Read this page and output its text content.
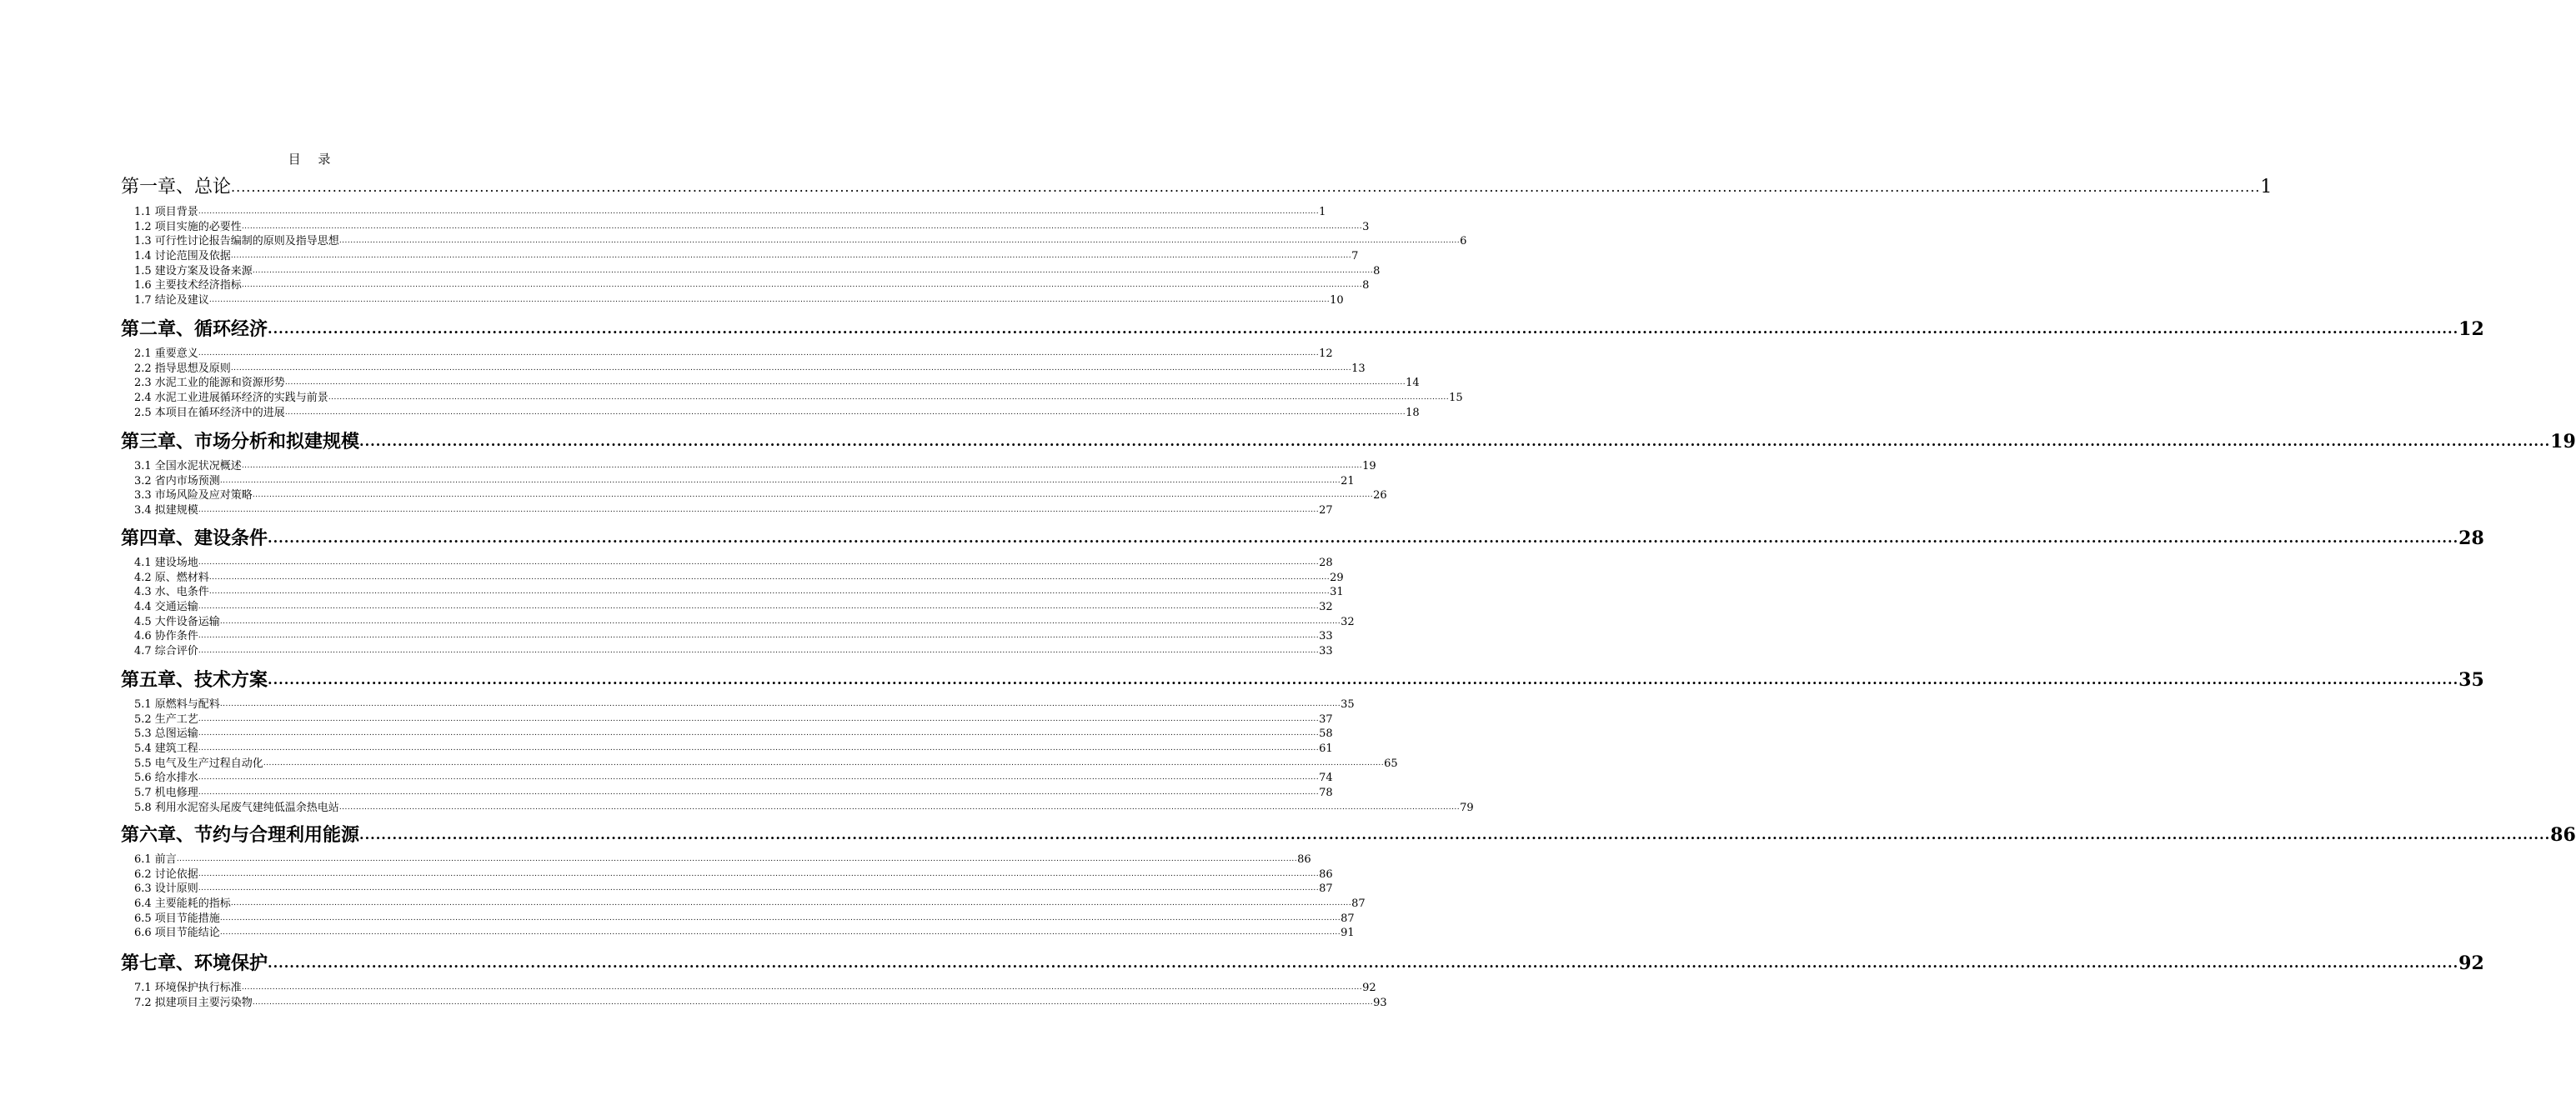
目 录
第一章、总论 ................................................................................................................................................................................................................................................................................................................................................................................................................ 1
1.1 项目背景 ................................................................................................................................................................................................................................................................................................................................................................................................................ 1
1.2 项目实施的必要性 ................................................................................................................................................................................................................................................................................................................................................................................................................ 3
1.3 可行性讨论报告编制的原则及指导思想 ................................................................................................................................................................................................................................................................................................................................................................................................................ 6
1.4 讨论范围及依据 ................................................................................................................................................................................................................................................................................................................................................................................................................ 7
1.5 建设方案及设备来源 ................................................................................................................................................................................................................................................................................................................................................................................................................ 8
1.6 主要技术经济指标 ................................................................................................................................................................................................................................................................................................................................................................................................................ 8
1.7 结论及建议 ................................................................................................................................................................................................................................................................................................................................................................................................................ 10
第二章、循环经济 ................................................................................................................................................................................................................................................................................................................................................................................................................ 12
2.1 重要意义 ................................................................................................................................................................................................................................................................................................................................................................................................................ 12
2.2 指导思想及原则 ................................................................................................................................................................................................................................................................................................................................................................................................................ 13
2.3 水泥工业的能源和资源形势 ................................................................................................................................................................................................................................................................................................................................................................................................................ 14
2.4 水泥工业进展循环经济的实践与前景 ................................................................................................................................................................................................................................................................................................................................................................................................................ 15
2.5 本项目在循环经济中的进展 ................................................................................................................................................................................................................................................................................................................................................................................................................ 18
第三章、市场分析和拟建规模 ................................................................................................................................................................................................................................................................................................................................................................................................................ 19
3.1 全国水泥状况概述 ................................................................................................................................................................................................................................................................................................................................................................................................................ 19
3.2 省内市场预测 ................................................................................................................................................................................................................................................................................................................................................................................................................ 21
3.3 市场风险及应对策略 ................................................................................................................................................................................................................................................................................................................................................................................................................ 26
3.4 拟建规模 ................................................................................................................................................................................................................................................................................................................................................................................................................ 27
第四章、建设条件 ................................................................................................................................................................................................................................................................................................................................................................................................................ 28
4.1 建设场地 ................................................................................................................................................................................................................................................................................................................................................................................................................ 28
4.2 原、燃材料 ................................................................................................................................................................................................................................................................................................................................................................................................................ 29
4.3 水、电条件 ................................................................................................................................................................................................................................................................................................................................................................................................................ 31
4.4 交通运输 ................................................................................................................................................................................................................................................................................................................................................................................................................ 32
4.5 大件设备运输 ................................................................................................................................................................................................................................................................................................................................................................................................................ 32
4.6 协作条件 ................................................................................................................................................................................................................................................................................................................................................................................................................ 33
4.7 综合评价 ................................................................................................................................................................................................................................................................................................................................................................................................................ 33
第五章、技术方案 ................................................................................................................................................................................................................................................................................................................................................................................................................ 35
5.1 原燃料与配料 ................................................................................................................................................................................................................................................................................................................................................................................................................ 35
5.2 生产工艺 ................................................................................................................................................................................................................................................................................................................................................................................................................ 37
5.3 总图运输 ................................................................................................................................................................................................................................................................................................................................................................................................................ 58
5.4 建筑工程 ................................................................................................................................................................................................................................................................................................................................................................................................................ 61
5.5 电气及生产过程自动化 ................................................................................................................................................................................................................................................................................................................................................................................................................ 65
5.6 给水排水 ................................................................................................................................................................................................................................................................................................................................................................................................................ 74
5.7 机电修理 ................................................................................................................................................................................................................................................................................................................................................................................................................ 78
5.8 利用水泥窑头尾废气建纯低温余热电站 ................................................................................................................................................................................................................................................................................................................................................................................................................ 79
第六章、节约与合理利用能源 ................................................................................................................................................................................................................................................................................................................................................................................................................ 86
6.1 前言 ................................................................................................................................................................................................................................................................................................................................................................................................................ 86
6.2 讨论依据 ................................................................................................................................................................................................................................................................................................................................................................................................................ 86
6.3 设计原则 ................................................................................................................................................................................................................................................................................................................................................................................................................ 87
6.4 主要能耗的指标 ................................................................................................................................................................................................................................................................................................................................................................................................................ 87
6.5 项目节能措施 ................................................................................................................................................................................................................................................................................................................................................................................................................ 87
6.6 项目节能结论 ................................................................................................................................................................................................................................................................................................................................................................................................................ 91
第七章、环境保护 ................................................................................................................................................................................................................................................................................................................................................................................................................ 92
7.1 环境保护执行标准 ................................................................................................................................................................................................................................................................................................................................................................................................................ 92
7.2 拟建项目主要污染物 ................................................................................................................................................................................................................................................................................................................................................................................................................ 93
